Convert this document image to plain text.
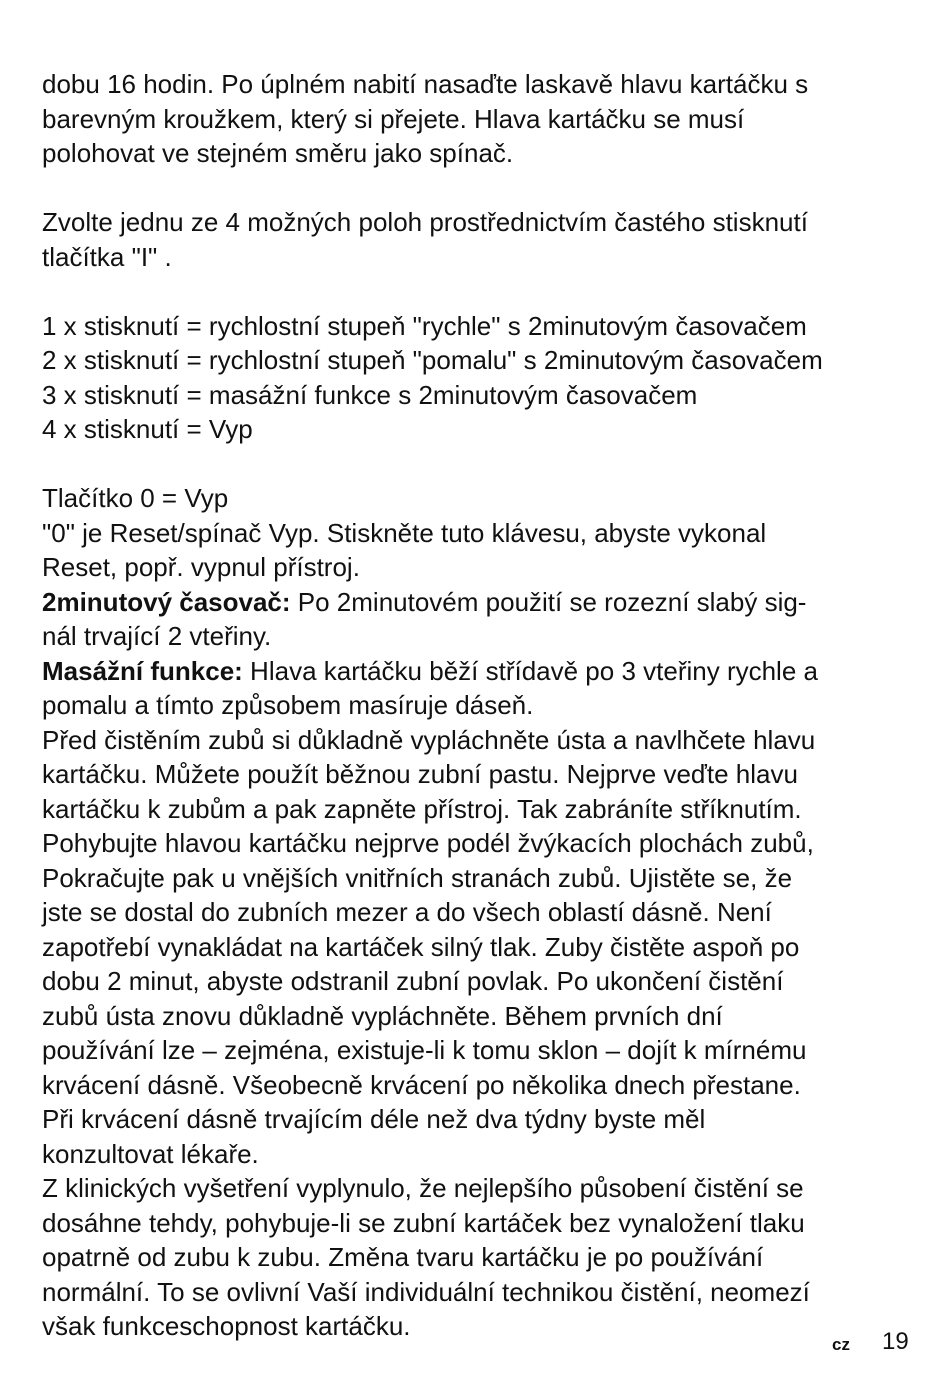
dobu 16 hodin. Po úplném nabití nasaďte laskavě hlavu kartáčku s
barevným kroužkem, který si přejete. Hlava kartáčku se musí
polohovat ve stejném směru jako spínač.

Zvolte jednu ze 4 možných poloh prostřednictvím častého stisknutí
tlačítka "I" .

1 x stisknutí = rychlostní stupeň "rychle" s 2minutovým časovačem
2 x stisknutí = rychlostní stupeň "pomalu" s 2minutovým časovačem
3 x stisknutí = masážní funkce s 2minutovým časovačem
4 x stisknutí = Vyp

Tlačítko 0 = Vyp
"0" je Reset/spínač Vyp. Stiskněte tuto klávesu, abyste vykonal
Reset, popř. vypnul přístroj.

2minutový časovač: Po 2minutovém použití se rozezní slabý sig-
nál trvající 2 vteřiny.

Masážní funkce: Hlava kartáčku běží střídavě po 3 vteřiny rychle a
pomalu a tímto způsobem masíruje dáseň.

Před čistěním zubů si důkladně vypláchněte ústa a navlhčete hlavu
kartáčku. Můžete použít běžnou zubní pastu. Nejprve veďte hlavu
kartáčku k zubům a pak zapněte přístroj. Tak zabráníte stříknutím.
Pohybujte hlavou kartáčku nejprve podél žvýkacích plochách zubů,
Pokračujte pak u vnějších vnitřních stranách zubů. Ujistěte se, že
jste se dostal do zubních mezer a do všech oblastí dásně. Není
zapotřebí vynakládat na kartáček silný tlak. Zuby čistěte aspoň po
dobu 2 minut, abyste odstranil zubní povlak. Po ukončení čistění
zubů ústa znovu důkladně vypláchněte. Během prvních dní
používání lze – zejména, existuje-li k tomu sklon – dojít k mírnému
krvácení dásně. Všeobecně krvácení po několika dnech přestane.
Při krvácení dásně trvajícím déle než dva týdny byste měl
konzultovat lékaře.

Z klinických vyšetření vyplynulo, že nejlepšího působení čistění se
dosáhne tehdy, pohybuje-li se zubní kartáček bez vynaložení tlaku
opatrně od zubu k zubu. Změna tvaru kartáčku je po používání
normální. To se ovlivní Vaší individuální technikou čistění, neomezí
však funkceschopnost kartáčku.

cz 19
